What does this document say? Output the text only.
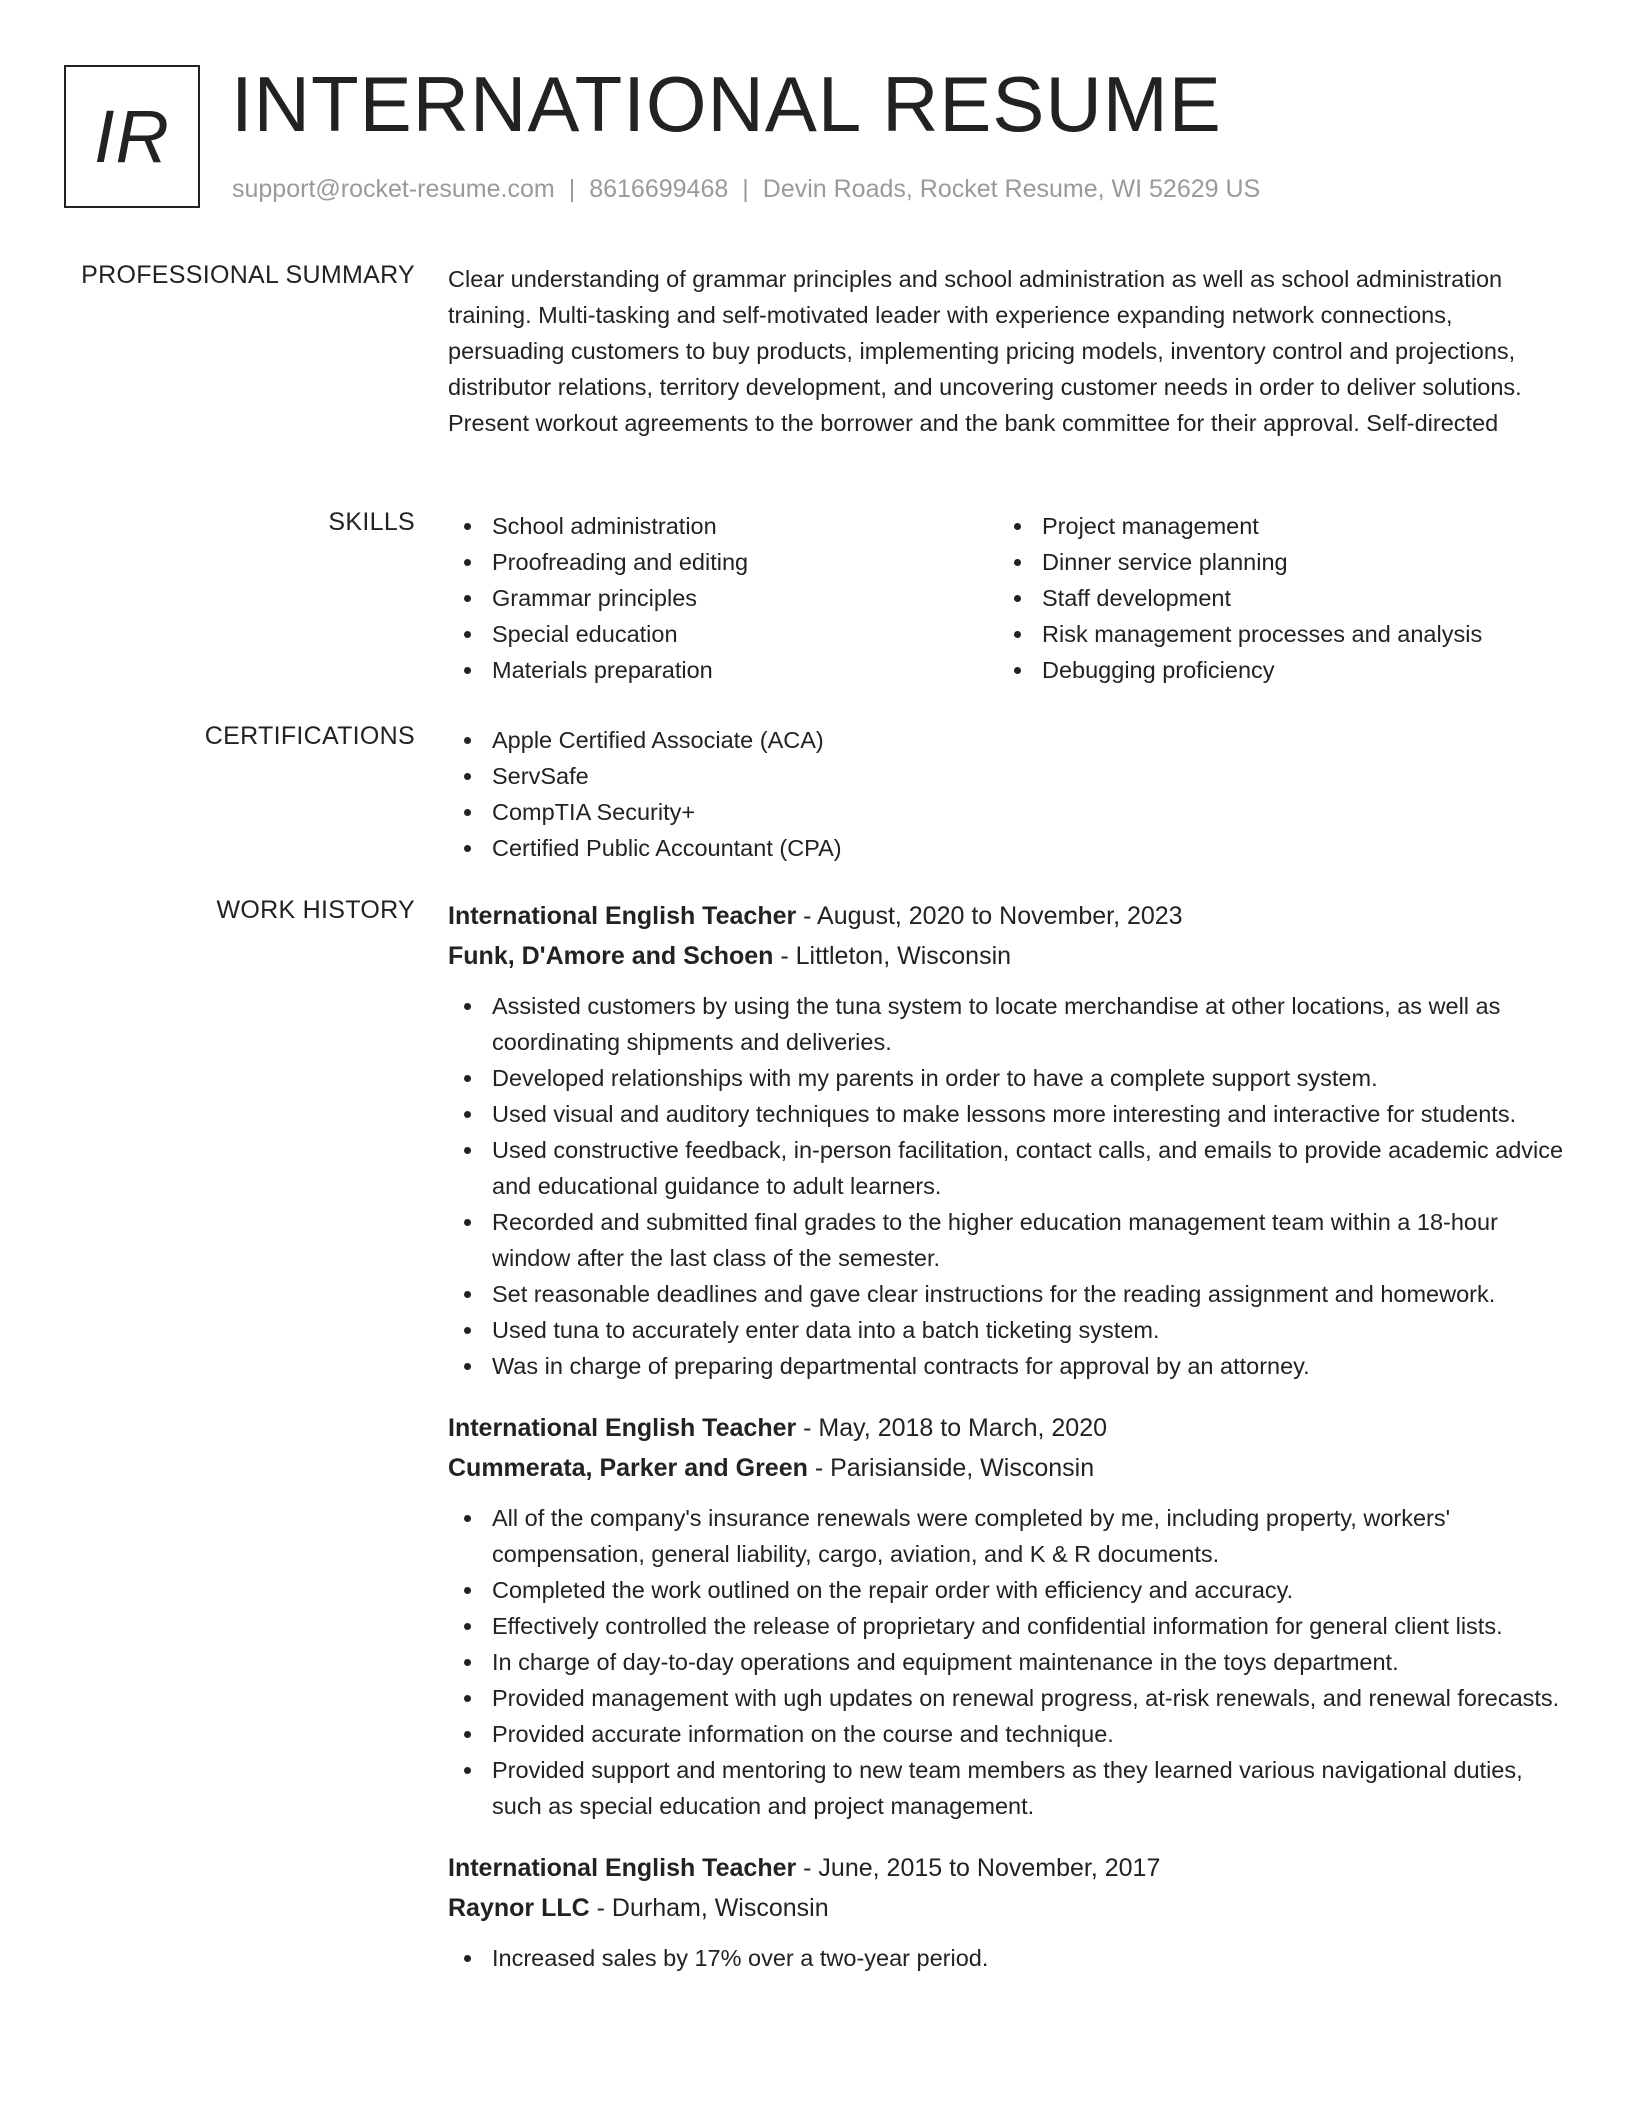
IR INTERNATIONAL RESUME
support@rocket-resume.com | 8616699468 | Devin Roads, Rocket Resume, WI 52629 US
PROFESSIONAL SUMMARY Clear understanding of grammar principles and school administration as well as school administration training. Multi-tasking and self-motivated leader with experience expanding network connections, persuading customers to buy products, implementing pricing models, inventory control and projections, distributor relations, territory development, and uncovering customer needs in order to deliver solutions. Present workout agreements to the borrower and the bank committee for their approval. Self-directed
SKILLS	School administration
Proofreading and editing
Grammar principles
Special education
Materials preparation
Project management
Dinner service planning
Staff development
Risk management processes and analysis
Debugging proficiency
CERTIFICATIONS	Apple Certified Associate (ACA)
ServSafe
CompTIA Security+
Certified Public Accountant (CPA)
WORK HISTORY International English Teacher - August, 2020 to November, 2023
Funk, D'Amore and Schoen - Littleton, Wisconsin
Assisted customers by using the tuna system to locate merchandise at other locations, as well as coordinating shipments and deliveries.
Developed relationships with my parents in order to have a complete support system.
Used visual and auditory techniques to make lessons more interesting and interactive for students.
Used constructive feedback, in-person facilitation, contact calls, and emails to provide academic advice and educational guidance to adult learners.
Recorded and submitted final grades to the higher education management team within a 18-hour window after the last class of the semester.
Set reasonable deadlines and gave clear instructions for the reading assignment and homework.
Used tuna to accurately enter data into a batch ticketing system.
Was in charge of preparing departmental contracts for approval by an attorney.
International English Teacher - May, 2018 to March, 2020
Cummerata, Parker and Green - Parisianside, Wisconsin
All of the company's insurance renewals were completed by me, including property, workers' compensation, general liability, cargo, aviation, and K & R documents.
Completed the work outlined on the repair order with efficiency and accuracy.
Effectively controlled the release of proprietary and confidential information for general client lists.
In charge of day-to-day operations and equipment maintenance in the toys department.
Provided management with ugh updates on renewal progress, at-risk renewals, and renewal forecasts.
Provided accurate information on the course and technique.
Provided support and mentoring to new team members as they learned various navigational duties, such as special education and project management.
International English Teacher - June, 2015 to November, 2017
Raynor LLC - Durham, Wisconsin
Increased sales by 17% over a two-year period.
